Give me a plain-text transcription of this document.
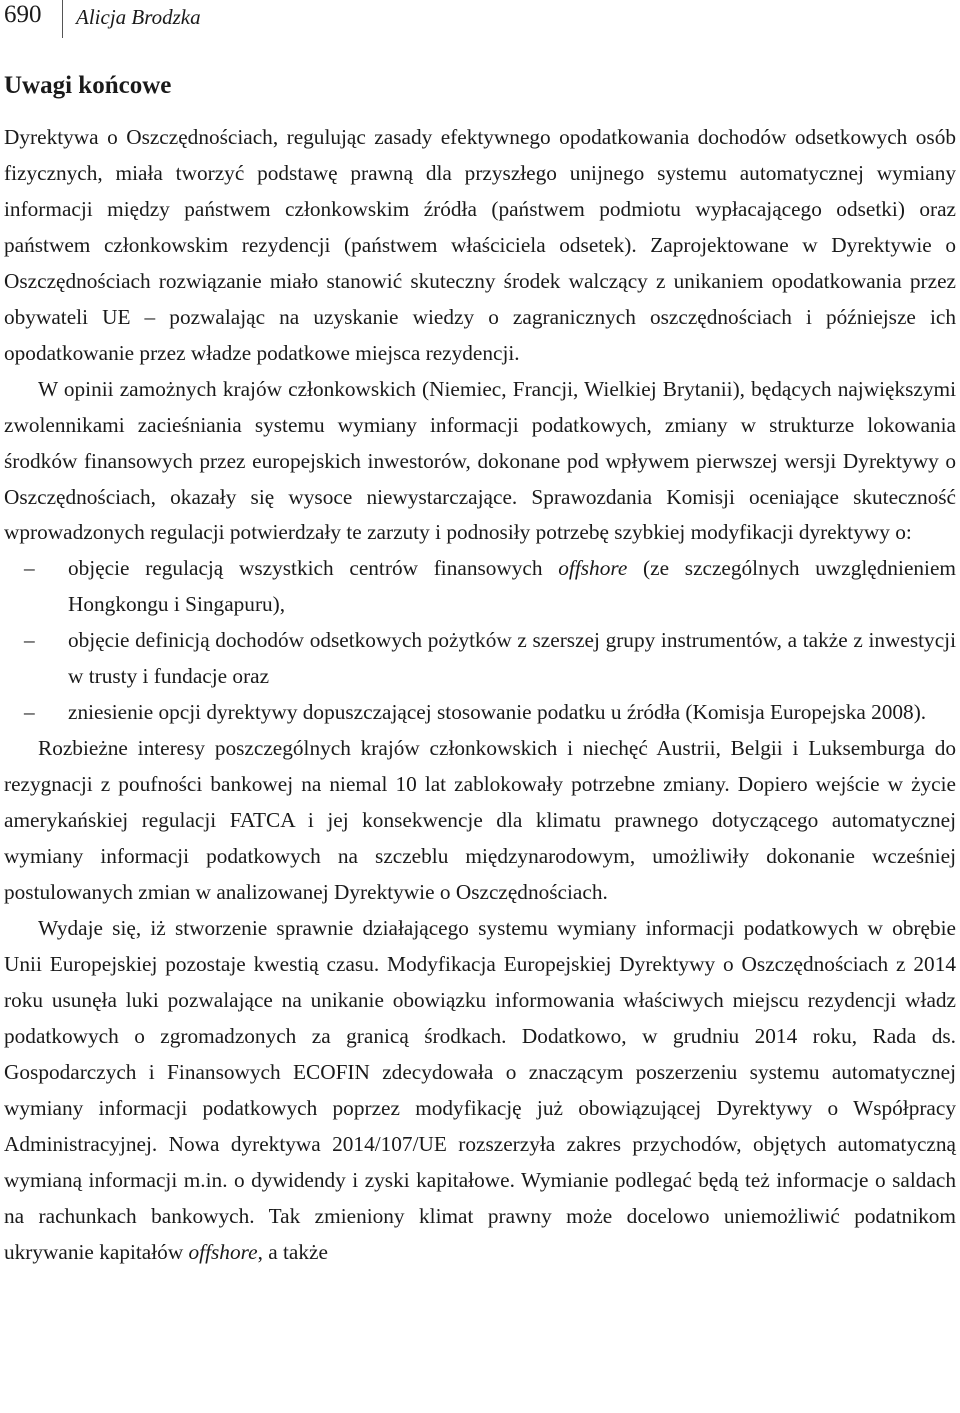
690 Alicja Brodzka
Uwagi końcowe

Dyrektywa o Oszczędnościach, regulując zasady efektywnego opodatkowania dochodów odsetkowych osób fizycznych, miała tworzyć podstawę prawną dla przyszłego unijnego systemu automatycznej wymiany informacji między państwem członkowskim źródła (państwem podmiotu wypłacającego odsetki) oraz państwem członkowskim rezydencji (państwem właściciela odsetek). Zaprojektowane w Dyrektywie o Oszczędnościach rozwiązanie miało stanowić skuteczny środek walczący z unikaniem opodatkowania przez obywateli UE – pozwalając na uzyskanie wiedzy o zagranicznych oszczędnościach i późniejsze ich opodatkowanie przez władze podatkowe miejsca rezydencji.

W opinii zamożnych krajów członkowskich (Niemiec, Francji, Wielkiej Brytanii), będących największymi zwolennikami zacieśniania systemu wymiany informacji podatkowych, zmiany w strukturze lokowania środków finansowych przez europejskich inwestorów, dokonane pod wpływem pierwszej wersji Dyrektywy o Oszczędnościach, okazały się wysoce niewystarczające. Sprawozdania Komisji oceniające skuteczność wprowadzonych regulacji potwierdzały te zarzuty i podnosiły potrzebę szybkiej modyfikacji dyrektywy o:

– objęcie regulacją wszystkich centrów finansowych offshore (ze szczególnych uwzględnieniem Hongkongu i Singapuru),
– objęcie definicją dochodów odsetkowych pożytków z szerszej grupy instrumentów, a także z inwestycji w trusty i fundacje oraz
– zniesienie opcji dyrektywy dopuszczającej stosowanie podatku u źródła (Komisja Europejska 2008).

Rozbieżne interesy poszczególnych krajów członkowskich i niechęć Austrii, Belgii i Luksemburga do rezygnacji z poufności bankowej na niemal 10 lat zablokowały potrzebne zmiany. Dopiero wejście w życie amerykańskiej regulacji FATCA i jej konsekwencje dla klimatu prawnego dotyczącego automatycznej wymiany informacji podatkowych na szczeblu międzynarodowym, umożliwiły dokonanie wcześniej postulowanych zmian w analizowanej Dyrektywie o Oszczędnościach.

Wydaje się, iż stworzenie sprawnie działającego systemu wymiany informacji podatkowych w obrębie Unii Europejskiej pozostaje kwestią czasu. Modyfikacja Europejskiej Dyrektywy o Oszczędnościach z 2014 roku usunęła luki pozwalające na unikanie obowiązku informowania właściwych miejscu rezydencji władz podatkowych o zgromadzonych za granicą środkach. Dodatkowo, w grudniu 2014 roku, Rada ds. Gospodarczych i Finansowych ECOFIN zdecydowała o znaczącym poszerzeniu systemu automatycznej wymiany informacji podatkowych poprzez modyfikację już obowiązującej Dyrektywy o Współpracy Administracyjnej. Nowa dyrektywa 2014/107/UE rozszerzyła zakres przychodów, objętych automatyczną wymianą informacji m.in. o dywidendy i zyski kapitałowe. Wymianie podlegać będą też informacje o saldach na rachunkach bankowych. Tak zmieniony klimat prawny może docelowo uniemożliwić podatnikom ukrywanie kapitałów offshore, a także
